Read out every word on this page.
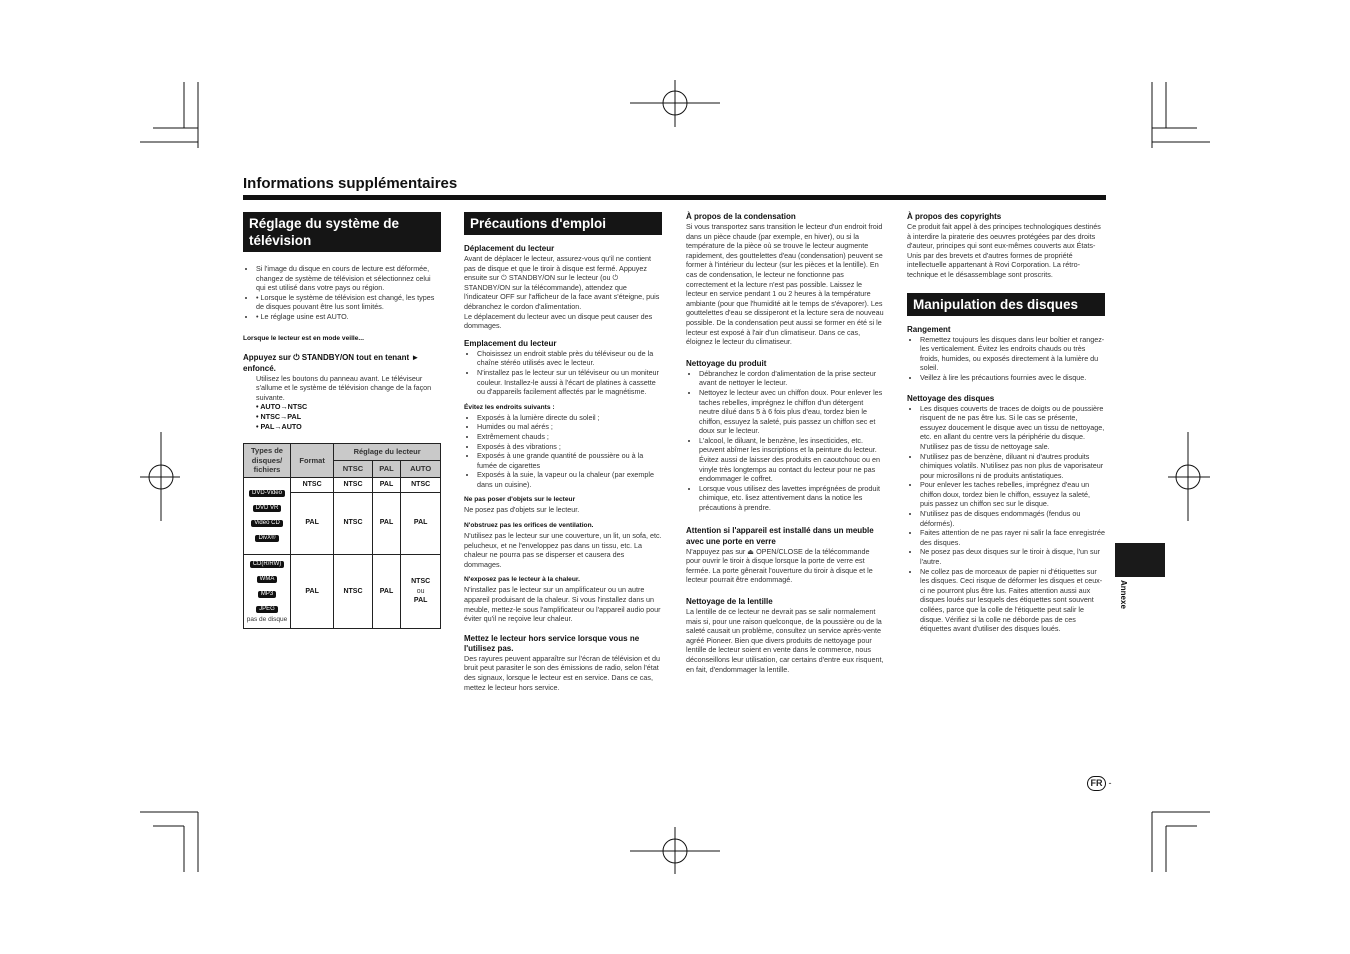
Informations supplémentaires
Réglage du système de télévision
• Si l'image du disque en cours de lecture est déformée, changez de système de télévision et sélectionnez celui qui est utilisé dans votre pays ou région.
• • Lorsque le système de télévision est changé, les types de disques pouvant être lus sont limités.
• • Le réglage usine est AUTO.
Lorsque le lecteur est en mode veille...
Appuyez sur ⏻ STANDBY/ON tout en tenant ► enfoncé.

Utilisez les boutons du panneau avant. Le téléviseur s'allume et le système de télévision change de la façon suivante.

• AUTO→NTSC
• NTSC→PAL
• PAL→AUTO
Types de disques/ fichiers	Format	Réglage du lecteur		
		NTSC	PAL	AUTO
DVD-Video
DVD VR
Video CD
DivX®	NTSC	NTSC	PAL	NTSC
	PAL	NTSC	PAL	PAL
CD(R/RW)
WMA
MP3
JPEG
pas de disque	PAL	NTSC	PAL	NTSC
ou
PAL
Précautions d'emploi
Déplacement du lecteur

Avant de déplacer le lecteur, assurez-vous qu'il ne contient pas de disque et que le tiroir à disque est fermé. Appuyez ensuite sur ⏻ STANDBY/ON sur le lecteur (ou ⏻ STANDBY/ON sur la télécommande), attendez que l'indicateur OFF sur l'afficheur de la face avant s'éteigne, puis débranchez le cordon d'alimentation.

Le déplacement du lecteur avec un disque peut causer des dommages.

Emplacement du lecteur
• Choisissez un endroit stable près du téléviseur ou de la chaîne stéréo utilisés avec le lecteur.
• N'installez pas le lecteur sur un téléviseur ou un moniteur couleur. Installez-le aussi à l'écart de platines à cassette ou d'appareils facilement affectés par le magnétisme.
Évitez les endroits suivants :
• Exposés à la lumière directe du soleil ;
• Humides ou mal aérés ;
• Extrêmement chauds ;
• Exposés à des vibrations ;
• Exposés à une grande quantité de poussière ou à la fumée de cigarettes
• Exposés à la suie, la vapeur ou la chaleur (par exemple dans un cuisine).
Ne pas poser d'objets sur le lecteur

Ne posez pas d'objets sur le lecteur.

N'obstruez pas les orifices de ventilation.

N'utilisez pas le lecteur sur une couverture, un lit, un sofa, etc. pelucheux, et ne l'enveloppez pas dans un tissu, etc. La chaleur ne pourra pas se disperser et causera des dommages.

N'exposez pas le lecteur à la chaleur.

N'installez pas le lecteur sur un amplificateur ou un autre appareil produisant de la chaleur. Si vous l'installez dans un meuble, mettez-le sous l'amplificateur ou l'appareil audio pour éviter qu'il ne reçoive leur chaleur.

Mettez le lecteur hors service lorsque vous ne l'utilisez pas.

Des rayures peuvent apparaître sur l'écran de télévision et du bruit peut parasiter le son des émissions de radio, selon l'état des signaux, lorsque le lecteur est en service. Dans ce cas, mettez le lecteur hors service.

À propos de la condensation

Si vous transportez sans transition le lecteur d'un endroit froid dans un pièce chaude (par exemple, en hiver), ou si la température de la pièce où se trouve le lecteur augmente rapidement, des gouttelettes d'eau (condensation) peuvent se former à l'intérieur du lecteur (sur les pièces et la lentille). En cas de condensation, le lecteur ne fonctionne pas correctement et la lecture n'est pas possible. Laissez le lecteur en service pendant 1 ou 2 heures à la température ambiante (pour que l'humidité ait le temps de s'évaporer). Les gouttelettes d'eau se dissiperont et la lecture sera de nouveau possible. De la condensation peut aussi se former en été si le lecteur est exposé à l'air d'un climatiseur. Dans ce cas, éloignez le lecteur du climatiseur.

Nettoyage du produit
• Débranchez le cordon d'alimentation de la prise secteur avant de nettoyer le lecteur.
• Nettoyez le lecteur avec un chiffon doux. Pour enlever les taches rebelles, imprégnez le chiffon d'un détergent neutre dilué dans 5 à 6 fois plus d'eau, tordez bien le chiffon, essuyez la saleté, puis passez un chiffon sec et doux sur le lecteur.
• L'alcool, le diluant, le benzène, les insecticides, etc. peuvent abîmer les inscriptions et la peinture du lecteur. Évitez aussi de laisser des produits en caoutchouc ou en vinyle très longtemps au contact du lecteur pour ne pas endommager le coffret.
• Lorsque vous utilisez des lavettes imprégnées de produit chimique, etc. lisez attentivement dans la notice les précautions à prendre.
Attention si l'appareil est installé dans un meuble avec une porte en verre

N'appuyez pas sur ⏏ OPEN/CLOSE de la télécommande pour ouvrir le tiroir à disque lorsque la porte de verre est fermée. La porte gênerait l'ouverture du tiroir à disque et le lecteur pourrait être endommagé.

Nettoyage de la lentille

La lentille de ce lecteur ne devrait pas se salir normalement mais si, pour une raison quelconque, de la poussière ou de la saleté causait un problème, consultez un service après-vente agréé Pioneer. Bien que divers produits de nettoyage pour lentille de lecteur soient en vente dans le commerce, nous déconseillons leur utilisation, car certains d'entre eux risquent, en fait, d'endommager la lentille.

À propos des copyrights

Ce produit fait appel à des principes technologiques destinés à interdire la piraterie des oeuvres protégées par des droits d'auteur, principes qui sont eux-mêmes couverts aux États-Unis par des brevets et d'autres formes de propriété intellectuelle appartenant à Rovi Corporation. La rétro-technique et le désassemblage sont proscrits.

Manipulation des disques
Rangement
• Remettez toujours les disques dans leur boîtier et rangez-les verticalement. Évitez les endroits chauds ou très froids, humides, ou exposés directement à la lumière du soleil.
• Veillez à lire les précautions fournies avec le disque.
Nettoyage des disques
• Les disques couverts de traces de doigts ou de poussière risquent de ne pas être lus. Si le cas se présente, essuyez doucement le disque avec un tissu de nettoyage, etc. en allant du centre vers la périphérie du disque. N'utilisez pas de tissu de nettoyage sale.
• N'utilisez pas de benzène, diluant ni d'autres produits chimiques volatils. N'utilisez pas non plus de vaporisateur pour microsillons ni de produits antistatiques.
• Pour enlever les taches rebelles, imprégnez d'eau un chiffon doux, tordez bien le chiffon, essuyez la saleté, puis passez un chiffon sec sur le disque.
• N'utilisez pas de disques endommagés (fendus ou déformés).
• Faites attention de ne pas rayer ni salir la face enregistrée des disques.
• Ne posez pas deux disques sur le tiroir à disque, l'un sur l'autre.
• Ne collez pas de morceaux de papier ni d'étiquettes sur les disques. Ceci risque de déformer les disques et ceux-ci ne pourront plus être lus. Faites attention aussi aux disques loués sur lesquels des étiquettes sont souvent collées, parce que la colle de l'étiquette peut salir le disque. Vérifiez si la colle ne déborde pas de ces étiquettes avant d'utiliser des disques loués.
Annexe
FR -
